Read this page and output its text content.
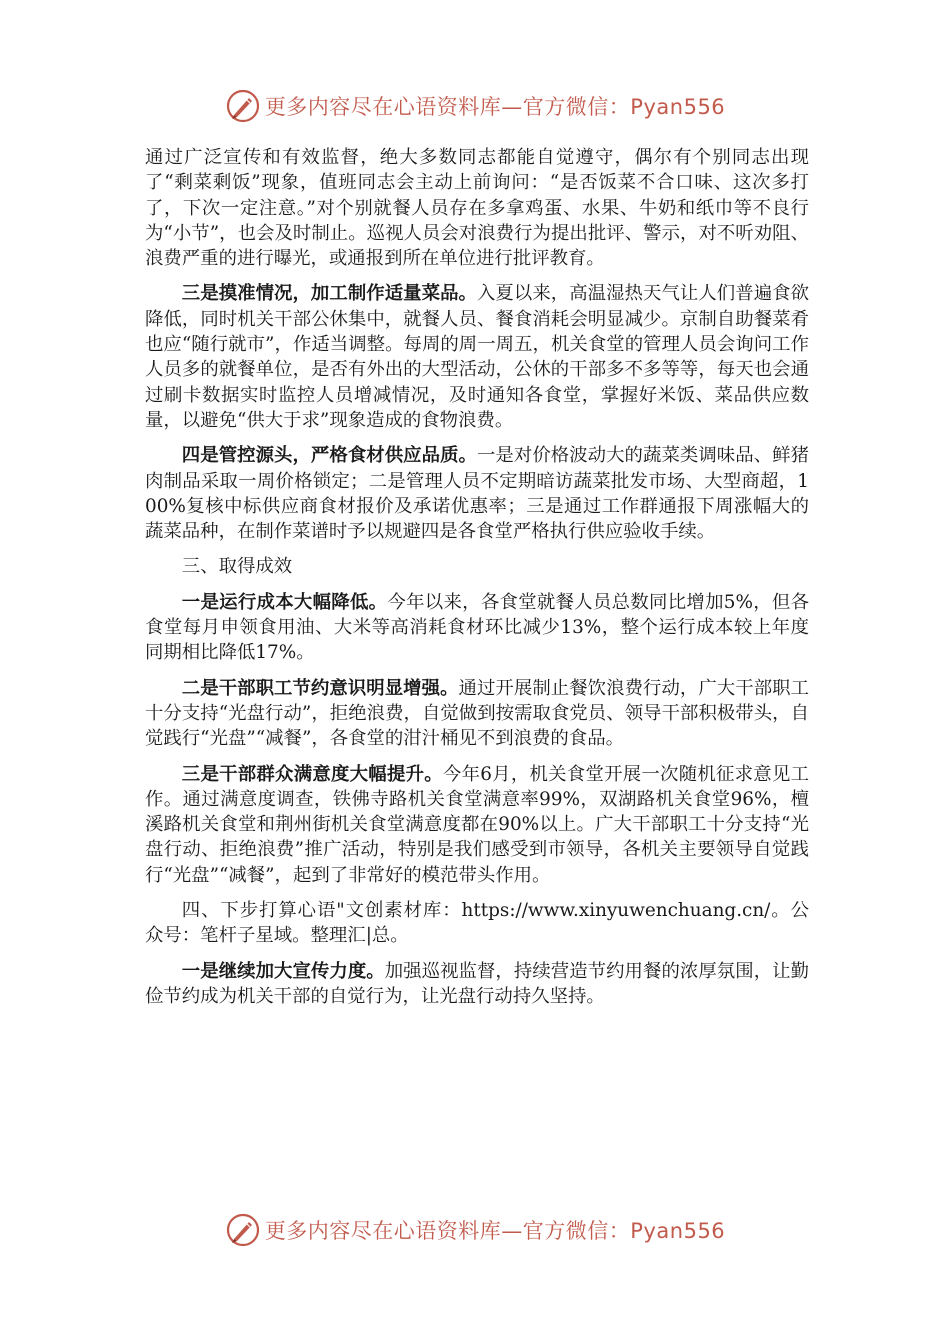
更多内容尽在心语资料库—官方微信：Pyan556

通过广泛宣传和有效监督，绝大多数同志都能自觉遵守，偶尔有个别同志出现了“剩菜剩饭”现象，值班同志会主动上前询问：“是否饭菜不合口味、这次多打了，下次一定注意。”对个别就餐人员存在多拿鸡蛋、水果、牛奶和纸巾等不良行为“小节”，也会及时制止。巡视人员会对浪费行为提出批评、警示，对不听劝阻、浪费严重的进行曝光，或通报到所在单位进行批评教育。

三是摸准情况，加工制作适量菜品。入夏以来，高温湿热天气让人们普遍食欲降低，同时机关干部公休集中，就餐人员、餐食消耗会明显减少。京制自助餐菜肴也应“随行就市”，作适当调整。每周的周一周五，机关食堂的管理人员会询问工作人员多的就餐单位，是否有外出的大型活动，公休的干部多不多等等，每天也会通过刷卡数据实时监控人员增减情况，及时通知各食堂，掌握好米饭、菜品供应数量，以避免“供大于求”现象造成的食物浪费。

四是管控源头，严格食材供应品质。一是对价格波动大的蔬菜类调味品、鲜猪肉制品采取一周价格锁定；二是管理人员不定期暗访蔬菜批发市场、大型商超，100%复核中标供应商食材报价及承诺优惠率；三是通过工作群通报下周涨幅大的蔬菜品种，在制作菜谱时予以规避四是各食堂严格执行供应验收手续。

三、取得成效

一是运行成本大幅降低。今年以来，各食堂就餐人员总数同比增加5%，但各食堂每月申领食用油、大米等高消耗食材环比减少13%，整个运行成本较上年度同期相比降低17%。

二是干部职工节约意识明显增强。通过开展制止餐饮浪费行动，广大干部职工十分支持“光盘行动”，拒绝浪费，自觉做到按需取食党员、领导干部积极带头，自觉践行“光盘”“减餐”，各食堂的泔汁桶见不到浪费的食品。

三是干部群众满意度大幅提升。今年6月，机关食堂开展一次随机征求意见工作。通过满意度调查，铁佛寺路机关食堂满意率99%，双湖路机关食堂96%，檀溪路机关食堂和荆州街机关食堂满意度都在90%以上。广大干部职工十分支持“光盘行动、拒绝浪费”推广活动，特别是我们感受到市领导，各机关主要领导自觉践行“光盘”“减餐”，起到了非常好的模范带头作用。

四、下步打算心语"文创素材库：https://www.xinyuwenchuang.cn/。公众号：笔杆子星域。整理汇|总。

一是继续加大宣传力度。加强巡视监督，持续营造节约用餐的浓厚氛围，让勤俭节约成为机关干部的自觉行为，让光盘行动持久坚持。

更多内容尽在心语资料库—官方微信：Pyan556
